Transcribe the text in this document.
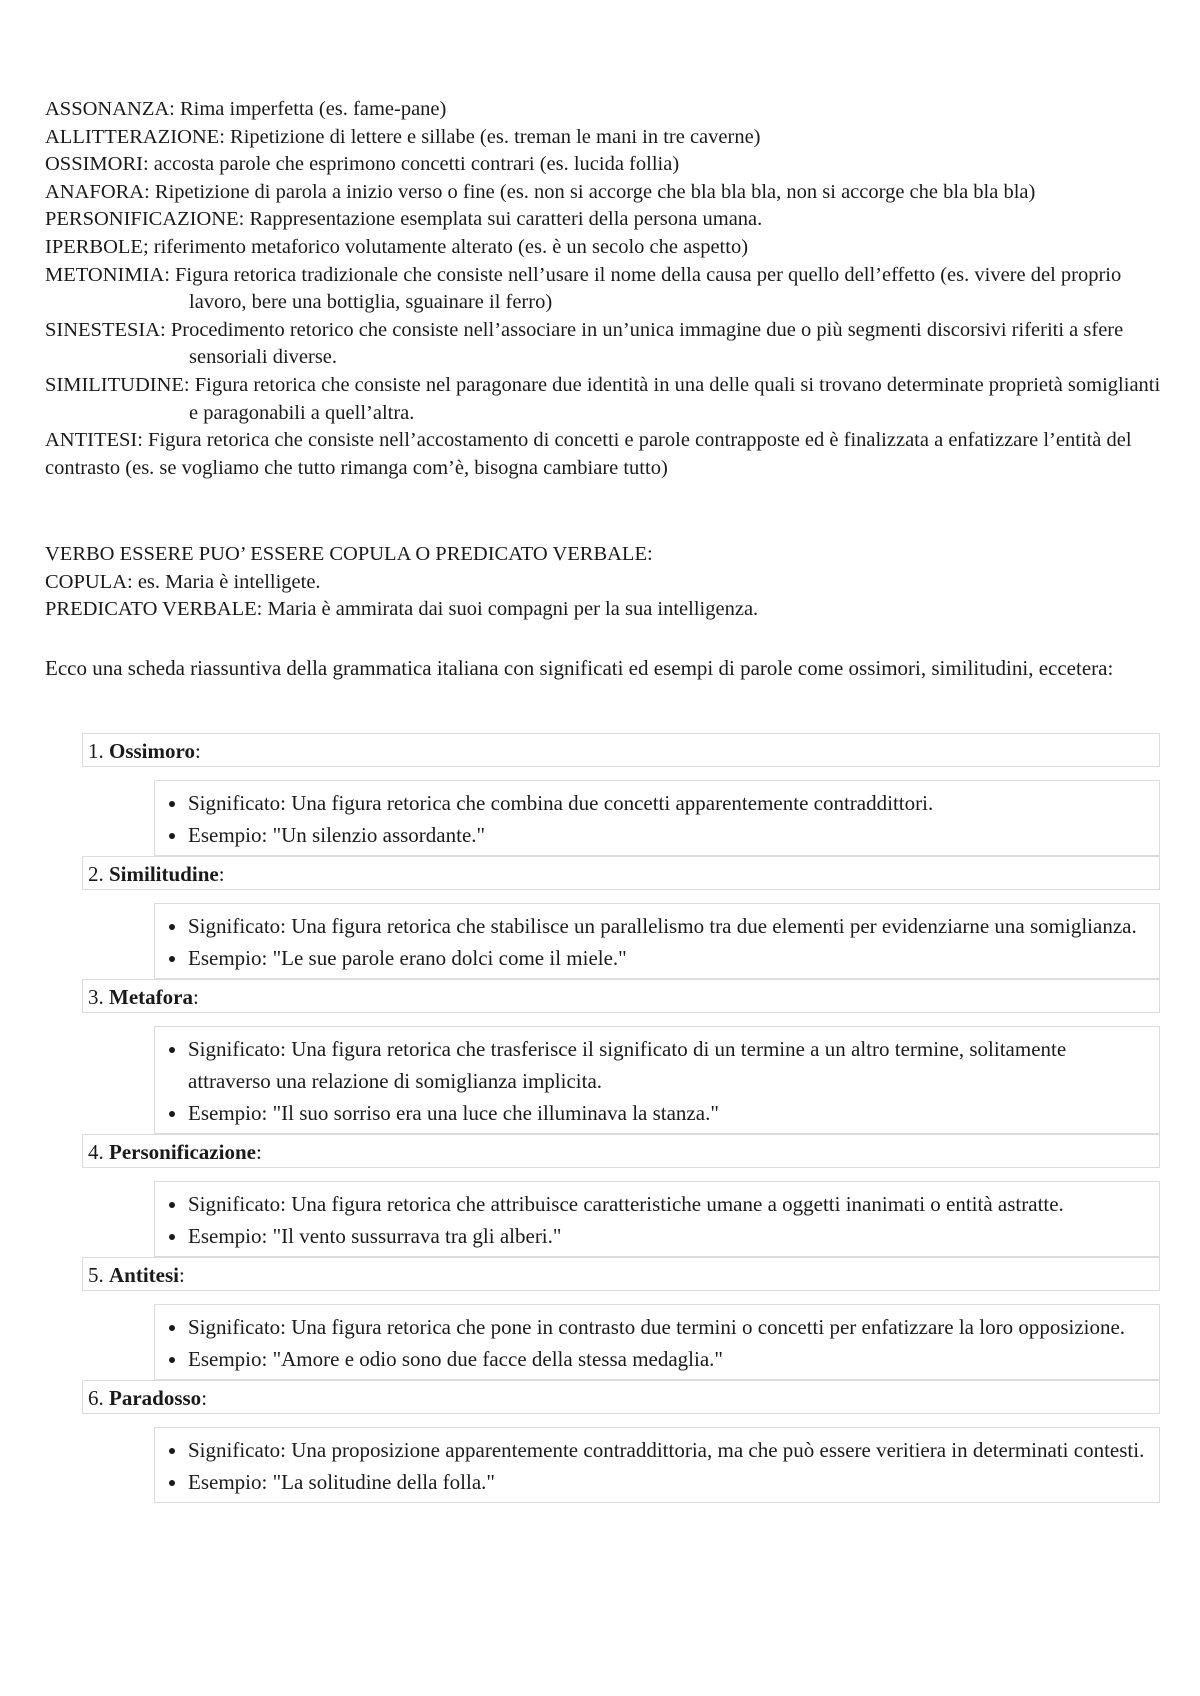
ASSONANZA: Rima imperfetta (es. fame-pane)

ALLITTERAZIONE: Ripetizione di lettere e sillabe (es. treman le mani in tre caverne)

OSSIMORI: accosta parole che esprimono concetti contrari (es. lucida follia)

ANAFORA: Ripetizione di parola a inizio verso o fine (es. non si accorge che bla bla bla, non si accorge che bla bla bla)

PERSONIFICAZIONE: Rappresentazione esemplata sui caratteri della persona umana.

IPERBOLE; riferimento metaforico volutamente alterato (es. è un secolo che aspetto)

METONIMIA: Figura retorica tradizionale che consiste nell’usare il nome della causa per quello dell’effetto (es. vivere del proprio lavoro, bere una bottiglia, sguainare il ferro)

SINESTESIA: Procedimento retorico che consiste nell’associare in un’unica immagine due o più segmenti discorsivi riferiti a sfere sensoriali diverse.

SIMILITUDINE: Figura retorica che consiste nel paragonare due identità in una delle quali si trovano determinate proprietà somiglianti e paragonabili a quell’altra.

ANTITESI: Figura retorica che consiste nell’accostamento di concetti e parole contrapposte ed è finalizzata a enfatizzare l’entità del contrasto (es. se vogliamo che tutto rimanga com’è, bisogna cambiare tutto)

VERBO ESSERE PUO’ ESSERE COPULA O PREDICATO VERBALE:

COPULA: es. Maria è intelligete.

PREDICATO VERBALE: Maria è ammirata dai suoi compagni per la sua intelligenza.

Ecco una scheda riassuntiva della grammatica italiana con significati ed esempi di parole come ossimori, similitudini, eccetera:

1. Ossimoro:
• Significato: Una figura retorica che combina due concetti apparentemente contraddittori.
• Esempio: "Un silenzio assordante."
2. Similitudine:
• Significato: Una figura retorica che stabilisce un parallelismo tra due elementi per evidenziarne una somiglianza.
• Esempio: "Le sue parole erano dolci come il miele."
3. Metafora:
• Significato: Una figura retorica che trasferisce il significato di un termine a un altro termine, solitamente attraverso una relazione di somiglianza implicita.
• Esempio: "Il suo sorriso era una luce che illuminava la stanza."
4. Personificazione:
• Significato: Una figura retorica che attribuisce caratteristiche umane a oggetti inanimati o entità astratte.
• Esempio: "Il vento sussurrava tra gli alberi."
5. Antitesi:
• Significato: Una figura retorica che pone in contrasto due termini o concetti per enfatizzare la loro opposizione.
• Esempio: "Amore e odio sono due facce della stessa medaglia."
6. Paradosso:
• Significato: Una proposizione apparentemente contraddittoria, ma che può essere veritiera in determinati contesti.
• Esempio: "La solitudine della folla."
